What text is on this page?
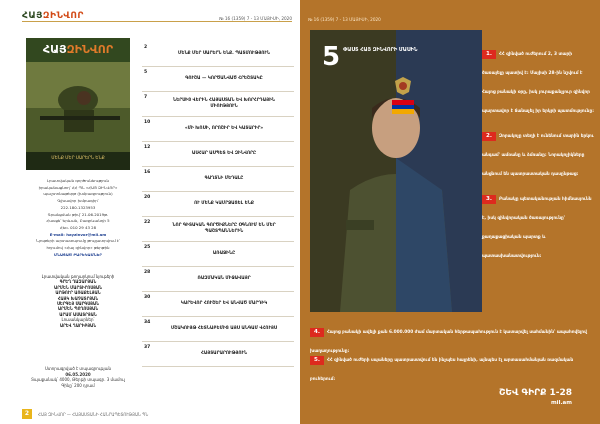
ՀԱՅԶԻՆՎՈՐ	№ 16 (1359) 7 - 13 ՄԱՅԻՍԻ, 2020
ՀԱՅԶԻՆՎՈՐ
ՄԵՆՔ ՄԵՐ ՍԱՐԵՐՆ ԵՆՔ

Լրատվական գործունեություն

իրականացնող՝ ՀՀ ՊՆ «ՀԱՅ ԶԻՆՎՈՐ»

պաշտոնաթերթ (խմբագրություն)

Գլխավոր խմբագիր՝

222.180.1323953

Գրանցման թիվ՝ 21.06.2019թ.

Հասցե՝ Երևան, Բագրևանդի 5

Հեռ. 010 29 43 28

E-mail: hayzinvor@mil.am

Նյութերի արտատպումը թույլատրվում է՝

հղումով «Հայ զինվոր» թերթին

ՄՆԱՑԱԾ ԲԱՐԵԿԱՄՆԵՐ

Լրատվական թողարկում նյութերի

ԳՐԵՂ ՂԱԶԱՐՅԱՆ

ԱՐՄԵՆ ՄԱՐՏԻՐՈՍՅԱՆ

ԱՐԹՈՒՐ ԱՌԱՔԵԼՅԱՆ

ՀԱՅԿ ԽԱՉԱՏՐՅԱՆ

ՍԵՐԳԵՅ ՍԱՐԳՍՅԱՆ

ԱՐՄԵՆ ՊՈՂՈՍՅԱՆ

ԱՐԱՄ ԱՍԱՏՐՅԱՆ

Լուսանկարներ՝

ԱՐԵՎ ՂԱՐԻԲՅԱՆ

Ստորագրված է տպագրության

06.05.2020

Տպաքանակ՝ 4000, Թերթի տպագր. 3 մամուլ

Գինը՝ 200 դրամ

2
ՄԵՆՔ ՄԵՐ ՍԱՐԵՐՆ ԵՆՔ. ՊԱՏՄՈՒԹՅՈՒՆ
5
ԳՈՒՇԱ — ԿՈՐԾԱՆՎԱԾ ՀՐԵՇՏԱԿԸ
7
ՆԵՐՍԻՑ ՎԵՐԻՆ ՀԱՅԱՍՏԱՆ ԵՎ ԽՈՐՀՐԴԱՅԻՆ ՄԻՈՒԹՅՈՒՆ
10
«ՄԻ ԽՈՍԻ, ՈՐՈՇԻՐ ԵՎ ԿԱՏԱՐԻՐ»
12
ԱՍՀԱՐ ԱՍՊԵՏ ԵՎ ԶԻՆՎՈՐԸ
16
ԳԱՂՏՆԻ ՄԵԴԱԼԸ
20
ՈՒ ՄԵՆՔ ԿԱՄՐՋԱՑԵԼ ԵՆՔ
22
ՆՈՐ ԳԻՏԱԿԱՆ ԳՈՐԾԻՔՆԵՐԸ ՕԳՆՈՒՄ ԵՆ ՄԵՐ ՊԱՇՏՊԱՆՆԵՐԻՆ
25
ԱՌԱՋԻՆԸ
28
ՌԱԶՄԱԿԱՆ ՄԻՋԱՎԱՅՐ
30
ԿԱՐԵՎՈՐ ՀՈՒՇԵՐ ԵՎ ԱՆՎԱԾ ՄԱՐԴԻԿ
34
ՄՇԱԿՈՒՅԹ ՀԵՏՆԱԲԵՄԻՑ ԱՅՍ ԱՆԳԱՄ ՎՀՈՒՅՍ
37
ՀԱՅՏԱՐԱՐՈՒԹՅՈՒՆ
2	ՀԱՅ ԶԻՆՎՈՐ — ՀԱՅԱՍՏԱՆԻ ՀԱՆՐԱՊԵՏՈՒԹՅԱՆ ՊՆ
№ 16 (1359) 7 - 13 ՄԱՅԻՍԻ, 2020
5 ՓԱՍՏ ՀԱՅ ԶԻՆՎՈՐԻ ՄԱՍԻՆ
1. ՀՀ զինված ուժերում 2, 3 տարի ծառայելը պատիվ է: Մայիսի 28-ին նշվում է Հայոց բանակի օրը, իսկ յուրաքանչյուր զինվոր պարտավոր է ճանաչել իր երկրի պատմությունը:
2. Զորակոչը տեղի է ունենում տարին երկու անգամ՝ ամռանը և ձմռանը: Նորակոչիկները անցնում են պատրաստական դասընթաց:
3. Բանակը պետականության հիմնասյունն է, իսկ զինվորական ծառայությունը՝ քաղաքացիական պարտք և պատասխանատվություն:
4. Հայոց բանակի ավելի քան 6.000.000 ժամ մարտական հերթապահություն է կատարվել սահմանին՝ ապահովելով խաղաղությունը:
5. ՀՀ զինված ուժերի սպաները պատրաստվում են ինչպես հայրենի, այնպես էլ արտասահմանյան ռազմական բուհերում:
ՇԵՎ ԳԻՐՔ 1-28
mil.am
